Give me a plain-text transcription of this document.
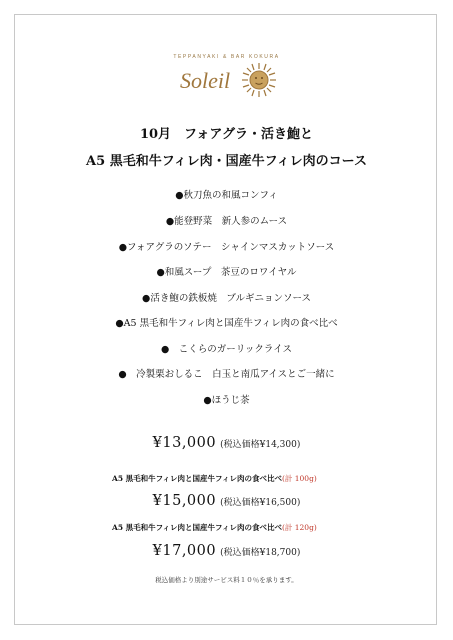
TEPPANYAKI & BAR KOKURA
Soleil
10月　フォアグラ・活き鮑と
A5 黒毛和牛フィレ肉・国産牛フィレ肉のコース
●秋刀魚の和風コンフィ
●能登野菜　新人参のムース
●フォアグラのソテー　シャインマスカットソース
●和風スープ　茶豆のロワイヤル
●活き鮑の鉄板焼　ブルギニョンソース
●A5 黒毛和牛フィレ肉と国産牛フィレ肉の食べ比べ
●　こくらのガーリックライス
●　冷製栗おしるこ　白玉と南瓜アイスとご一緒に
●ほうじ茶
¥13,000 (税込価格¥14,300)
A5 黒毛和牛フィレ肉と国産牛フィレ肉の食べ比べ(計 100g)
¥15,000 (税込価格¥16,500)
A5 黒毛和牛フィレ肉と国産牛フィレ肉の食べ比べ(計 120g)
¥17,000 (税込価格¥18,700)
税込価格より別途サービス料１０％を承ります。
